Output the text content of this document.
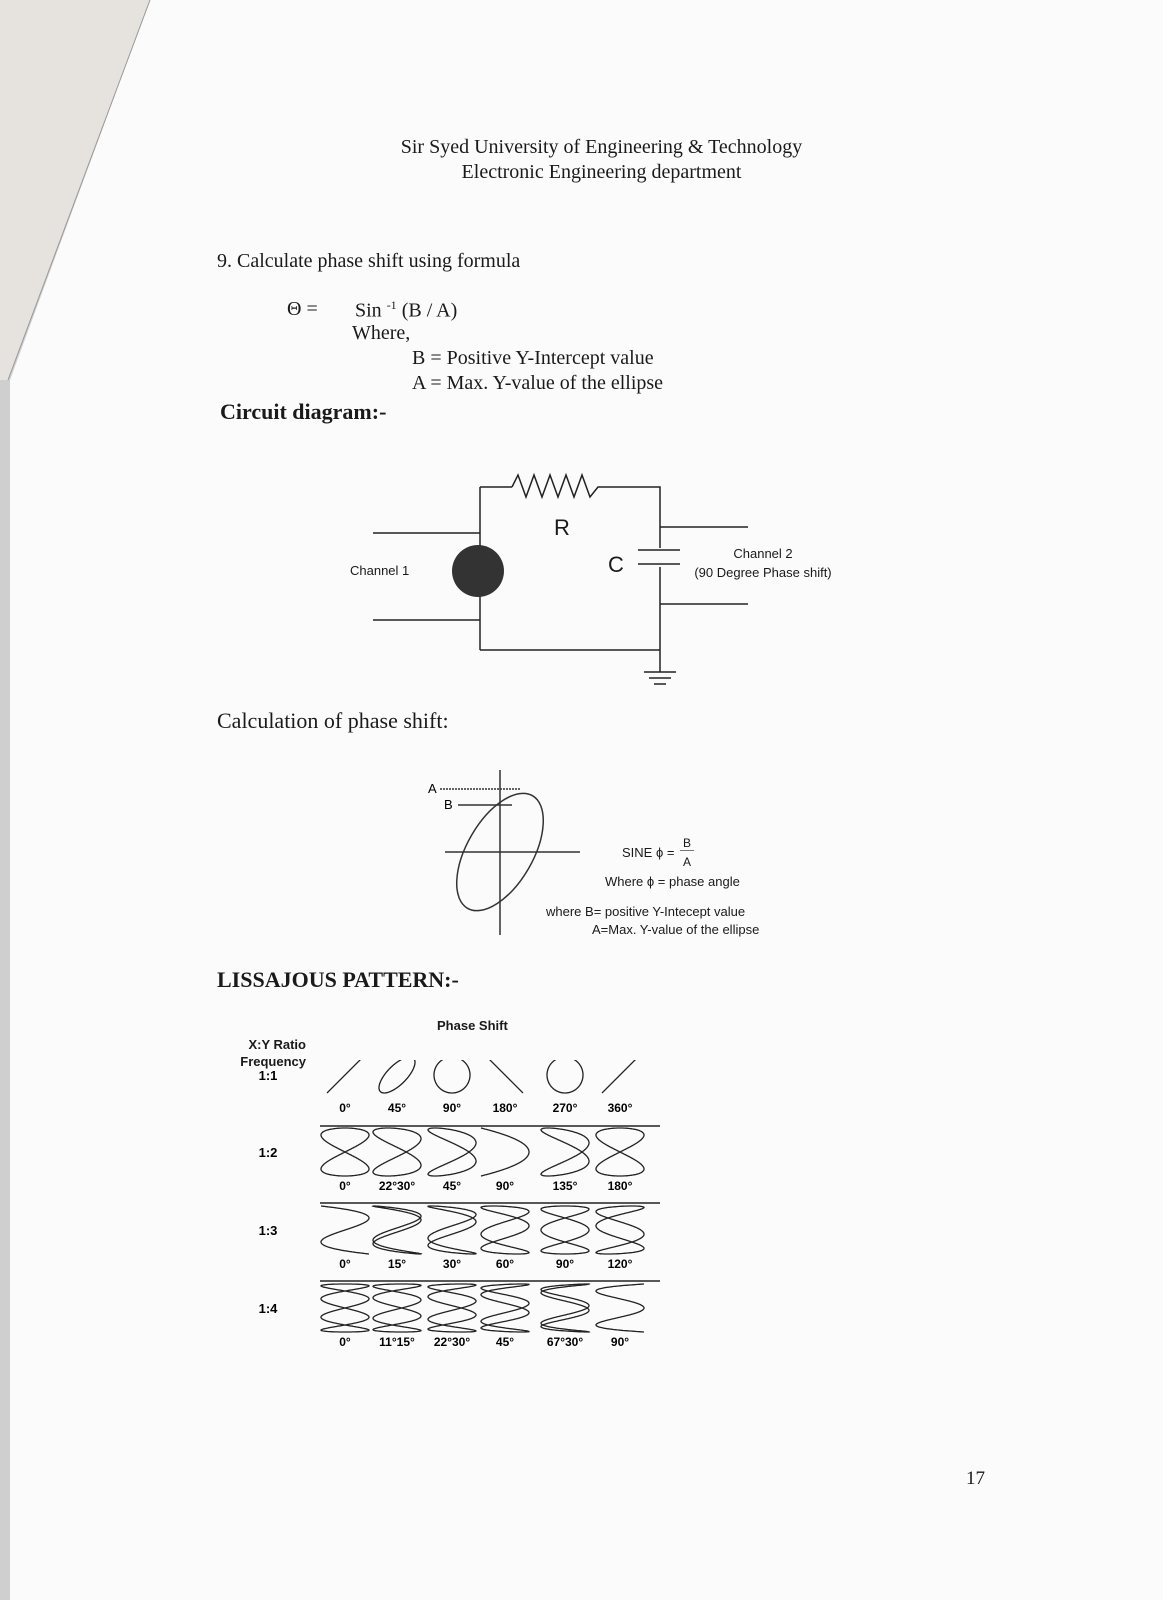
Sir Syed University of Engineering & Technology
Electronic Engineering department
9. Calculate phase shift using formula
Θ = Sin $^{-1}$ (B / A)
Where,
B = Positive Y-Intercept value
A = Max. Y-value of the ellipse
Circuit diagram:-
R
C
Channel 1
Channel 2
(90 Degree Phase shift)
Calculation of phase shift:
A
B
SINE ϕ =
B
A
Where ϕ = phase angle
where B= positive Y-Intecept value
A=Max. Y-value of the ellipse
LISSAJOUS PATTERN:-
Phase Shift
X:Y Ratio
Frequency
1:1
0°	45°	90°	180°	270°	360°
1:2
0° 22°30° 45°	90°	135°	180°
1:3
0°	15°	30°	60°	90°	120°
1:4
0° 11°15° 22°30° 45°	67°30° 90°
17
